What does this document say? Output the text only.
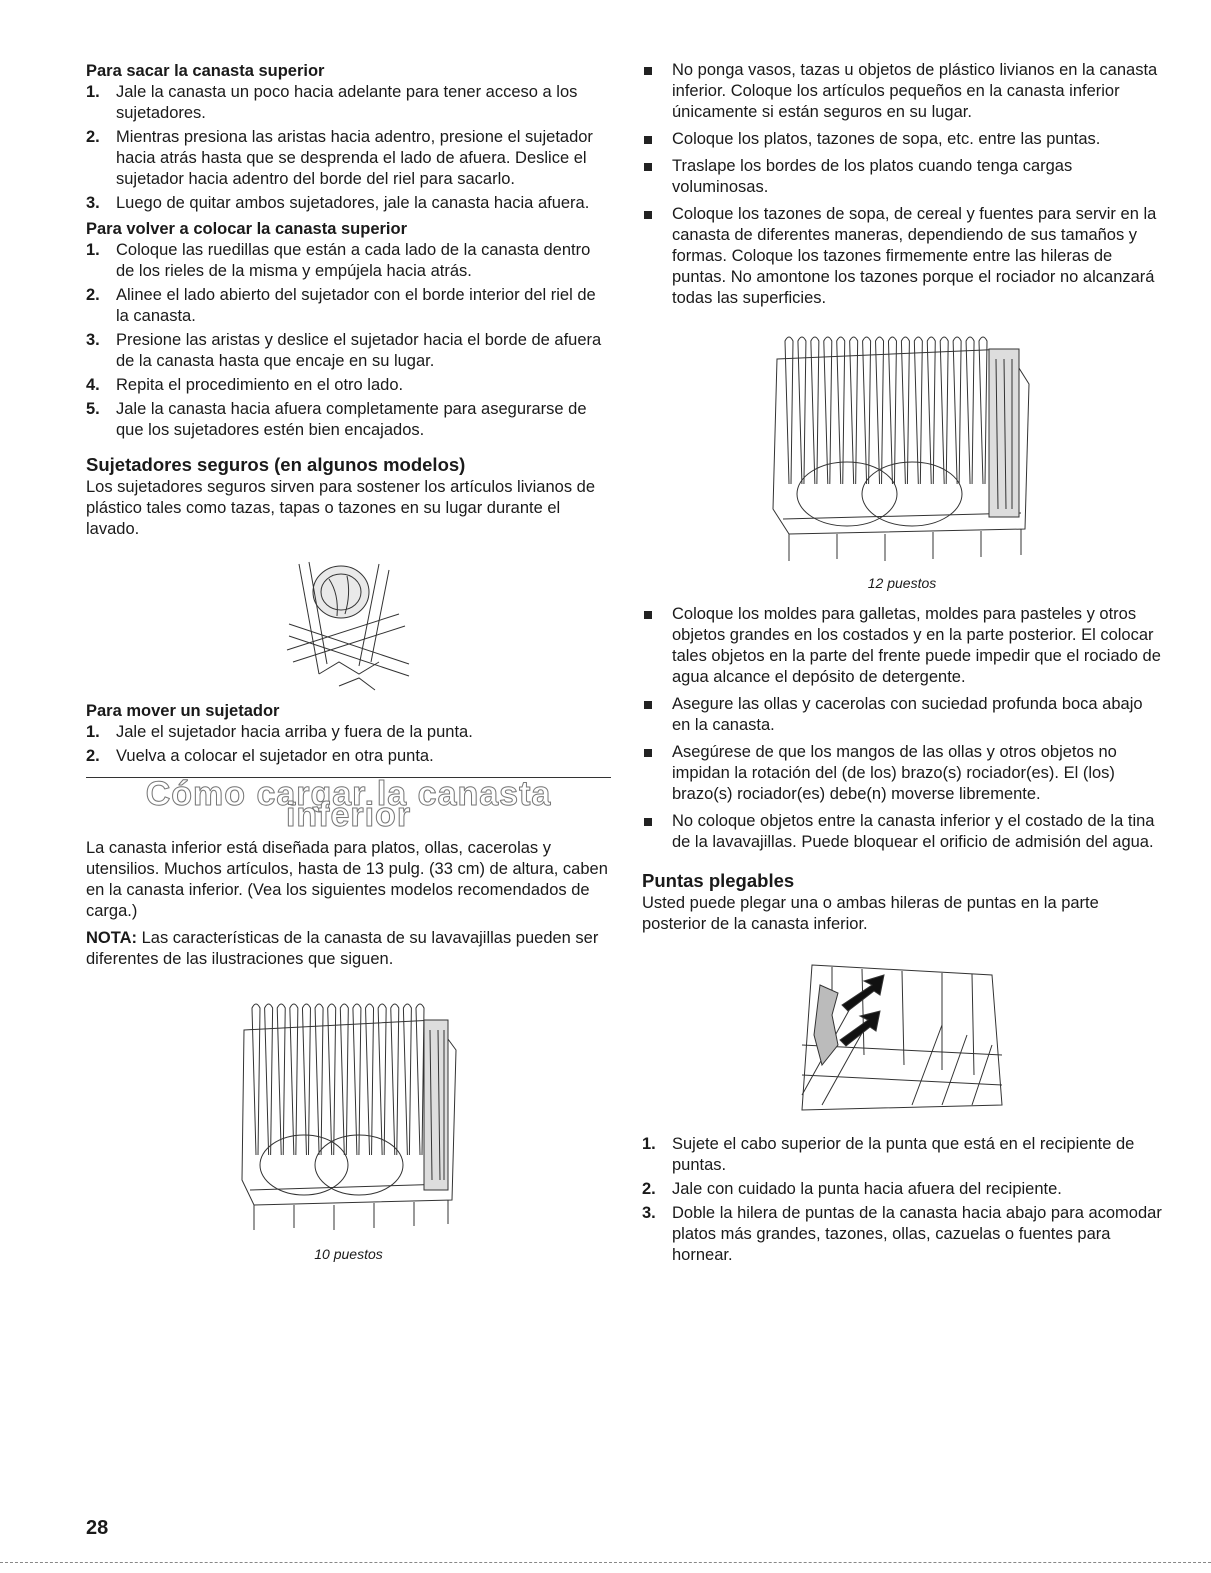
Para sacar la canasta superior
1. Jale la canasta un poco hacia adelante para tener acceso a los sujetadores.
2. Mientras presiona las aristas hacia adentro, presione el sujetador hacia atrás hasta que se desprenda el lado de afuera. Deslice el sujetador hacia adentro del borde del riel para sacarlo.
3. Luego de quitar ambos sujetadores, jale la canasta hacia afuera.
Para volver a colocar la canasta superior
1. Coloque las ruedillas que están a cada lado de la canasta dentro de los rieles de la misma y empújela hacia atrás.
2. Alinee el lado abierto del sujetador con el borde interior del riel de la canasta.
3. Presione las aristas y deslice el sujetador hacia el borde de afuera de la canasta hasta que encaje en su lugar.
4. Repita el procedimiento en el otro lado.
5. Jale la canasta hacia afuera completamente para asegurarse de que los sujetadores estén bien encajados.
Sujetadores seguros (en algunos modelos)

Los sujetadores seguros sirven para sostener los artículos livianos de plástico tales como tazas, tapas o tazones en su lugar durante el lavado.

Para mover un sujetador
1. Jale el sujetador hacia arriba y fuera de la punta.
2. Vuelva a colocar el sujetador en otra punta.
Cómo cargar la canasta inferior

La canasta inferior está diseñada para platos, ollas, cacerolas y utensilios. Muchos artículos, hasta de 13 pulg. (33 cm) de altura, caben en la canasta inferior. (Vea los siguientes modelos recomendados de carga.)

NOTA: Las características de la canasta de su lavavajillas pueden ser diferentes de las ilustraciones que siguen.

10 puestos
No ponga vasos, tazas u objetos de plástico livianos en la canasta inferior. Coloque los artículos pequeños en la canasta inferior únicamente si están seguros en su lugar.
Coloque los platos, tazones de sopa, etc. entre las puntas.
Traslape los bordes de los platos cuando tenga cargas voluminosas.
Coloque los tazones de sopa, de cereal y fuentes para servir en la canasta de diferentes maneras, dependiendo de sus tamaños y formas. Coloque los tazones firmemente entre las hileras de puntas. No amontone los tazones porque el rociador no alcanzará todas las superficies.
12 puestos
Coloque los moldes para galletas, moldes para pasteles y otros objetos grandes en los costados y en la parte posterior. El colocar tales objetos en la parte del frente puede impedir que el rociado de agua alcance el depósito de detergente.
Asegure las ollas y cacerolas con suciedad profunda boca abajo en la canasta.
Asegúrese de que los mangos de las ollas y otros objetos no impidan la rotación del (de los) brazo(s) rociador(es). El (los) brazo(s) rociador(es) debe(n) moverse libremente.
No coloque objetos entre la canasta inferior y el costado de la tina de la lavavajillas. Puede bloquear el orificio de admisión del agua.
Puntas plegables

Usted puede plegar una o ambas hileras de puntas en la parte posterior de la canasta inferior.

1. Sujete el cabo superior de la punta que está en el recipiente de puntas.
2. Jale con cuidado la punta hacia afuera del recipiente.
3. Doble la hilera de puntas de la canasta hacia abajo para acomodar platos más grandes, tazones, ollas, cazuelas o fuentes para hornear.
28
